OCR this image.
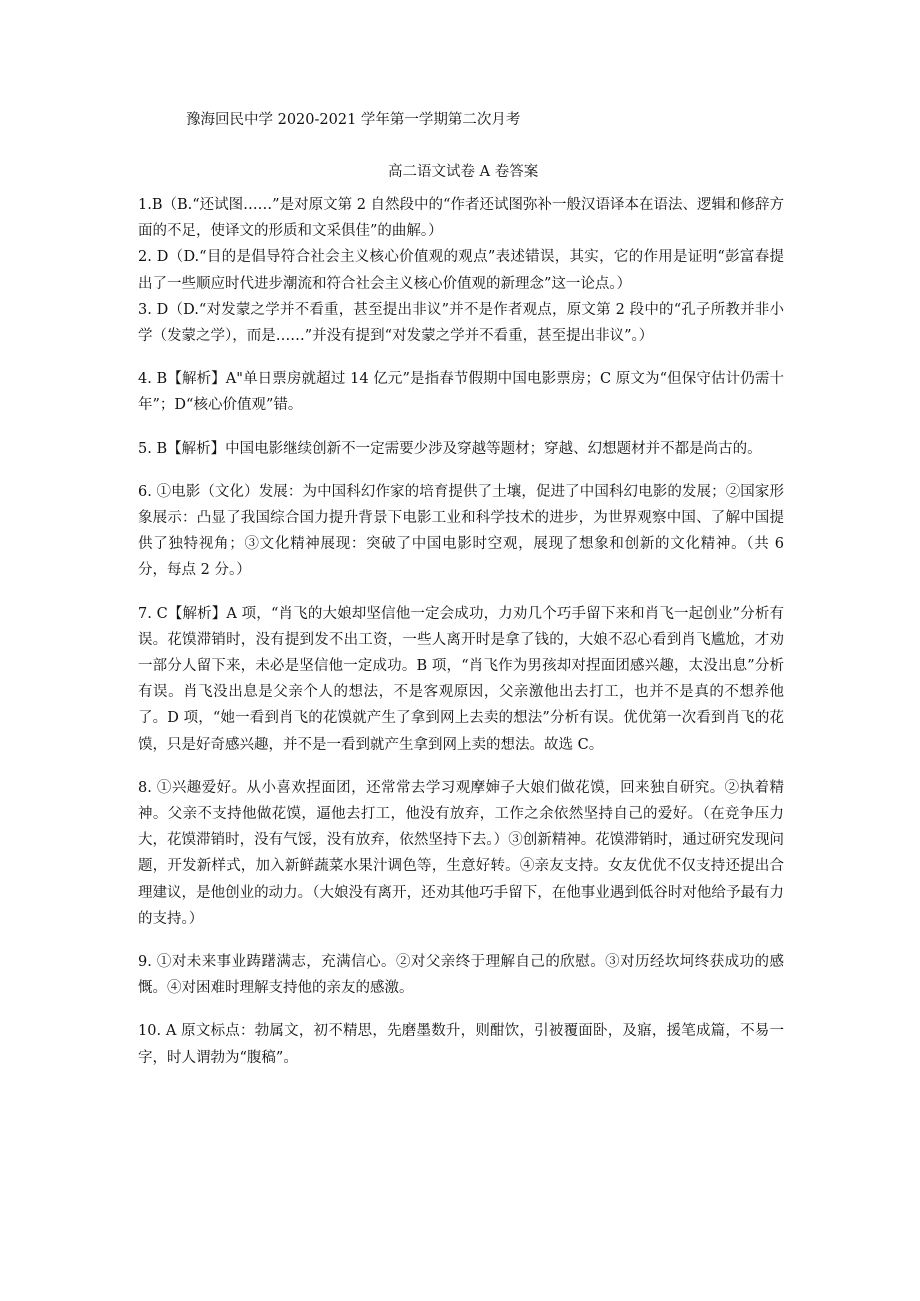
豫海回民中学 2020-2021 学年第一学期第二次月考
高二语文试卷 A 卷答案

1.B（B.“还试图……”是对原文第 2 自然段中的“作者还试图弥补一般汉语译本在语法、逻辑和修辞方面的不足，使译文的形质和文采俱佳”的曲解。）

2. D（D.“目的是倡导符合社会主义核心价值观的观点”表述错误，其实，它的作用是证明“彭富春提出了一些顺应时代进步潮流和符合社会主义核心价值观的新理念”这一论点。）

3. D（D.“对发蒙之学并不看重，甚至提出非议”并不是作者观点，原文第 2 段中的“孔子所教并非小学（发蒙之学），而是……”并没有提到“对发蒙之学并不看重，甚至提出非议”。）

4. B【解析】A"单日票房就超过 14 亿元”是指春节假期中国电影票房；C 原文为“但保守估计仍需十年”；D“核心价值观”错。

5. B【解析】中国电影继续创新不一定需要少涉及穿越等题材；穿越、幻想题材并不都是尚古的。

6. ①电影（文化）发展：为中国科幻作家的培育提供了土壤，促进了中国科幻电影的发展；②国家形象展示：凸显了我国综合国力提升背景下电影工业和科学技术的进步，为世界观察中国、了解中国提供了独特视角；③文化精神展现：突破了中国电影时空观，展现了想象和创新的文化精神。（共 6 分，每点 2 分。）

7. C【解析】A 项，“肖飞的大娘却坚信他一定会成功，力劝几个巧手留下来和肖飞一起创业”分析有误。花馍滞销时，没有提到发不出工资，一些人离开时是拿了钱的，大娘不忍心看到肖飞尴尬，才劝一部分人留下来，未必是坚信他一定成功。B 项，“肖飞作为男孩却对捏面团感兴趣，太没出息”分析有误。肖飞没出息是父亲个人的想法，不是客观原因，父亲激他出去打工，也并不是真的不想养他了。D 项，“她一看到肖飞的花馍就产生了拿到网上去卖的想法”分析有误。优优第一次看到肖飞的花馍，只是好奇感兴趣，并不是一看到就产生拿到网上卖的想法。故选 C。

8. ①兴趣爱好。从小喜欢捏面团，还常常去学习观摩婶子大娘们做花馍，回来独自研究。②执着精神。父亲不支持他做花馍，逼他去打工，他没有放弃，工作之余依然坚持自己的爱好。（在竞争压力大，花馍滞销时，没有气馁，没有放弃，依然坚持下去。）③创新精神。花馍滞销时，通过研究发现问题，开发新样式，加入新鲜蔬菜水果汁调色等，生意好转。④亲友支持。女友优优不仅支持还提出合理建议，是他创业的动力。（大娘没有离开，还劝其他巧手留下，在他事业遇到低谷时对他给予最有力的支持。）

9. ①对未来事业踌躇满志，充满信心。②对父亲终于理解自己的欣慰。③对历经坎坷终获成功的感慨。④对困难时理解支持他的亲友的感激。

10. A 原文标点：勃属文，初不精思，先磨墨数升，则酣饮，引被覆面卧，及寤，援笔成篇，不易一字，时人谓勃为“腹稿”。
